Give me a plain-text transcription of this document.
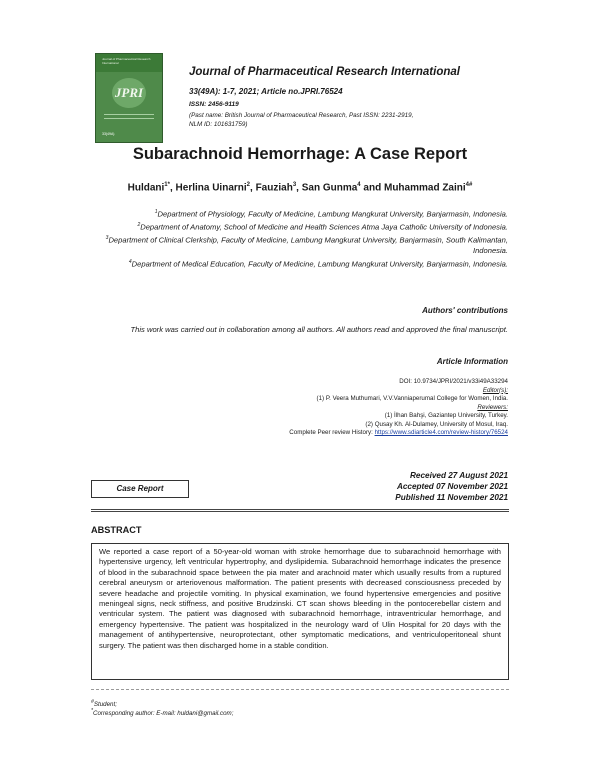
Journal of Pharmaceutical Research International
JPRI
33(49A)
Journal of Pharmaceutical Research International
33(49A): 1-7, 2021; Article no.JPRI.76524
ISSN: 2456-9119
(Past name: British Journal of Pharmaceutical Research, Past ISSN: 2231-2919,
NLM ID: 101631759)
Subarachnoid Hemorrhage: A Case Report
Huldani$^{1*}$, Herlina Uinarni$^2$, Fauziah$^3$, San Gunma$^4$ and Muhammad Zaini$^{4\#}$
$^1$Department of Physiology, Faculty of Medicine, Lambung Mangkurat University, Banjarmasin, Indonesia.
$^2$Department of Anatomy, School of Medicine and Health Sciences Atma Jaya Catholic University of Indonesia.
$^3$Department of Clinical Clerkship, Faculty of Medicine, Lambung Mangkurat University, Banjarmasin, South Kalimantan, Indonesia.
$^4$Department of Medical Education, Faculty of Medicine, Lambung Mangkurat University, Banjarmasin, Indonesia.
Authors' contributions
This work was carried out in collaboration among all authors. All authors read and approved the final manuscript.
Article Information
DOI: 10.9734/JPRI/2021/v33i49A33294
Editor(s):
(1) P. Veera Muthumari, V.V.Vanniaperumal College for Women, India.
Reviewers:
(1) İlhan Bahşi, Gaziantep University, Turkey.
(2) Qusay Kh. Al-Dulamey, University of Mosul, Iraq.
Complete Peer review History: https://www.sdiarticle4.com/review-history/76524
Case Report
Received 27 August 2021
Accepted 07 November 2021
Published 11 November 2021
ABSTRACT
We reported a case report of a 50-year-old woman with stroke hemorrhage due to subarachnoid hemorrhage with hypertensive urgency, left ventricular hypertrophy, and dyslipidemia. Subarachnoid hemorrhage indicates the presence of blood in the subarachnoid space between the pia mater and arachnoid mater which usually results from a ruptured cerebral aneurysm or arteriovenous malformation. The patient presents with decreased consciousness preceded by severe headache and projectile vomiting. In physical examination, we found hypertensive emergencies and positive meningeal signs, neck stiffness, and positive Brudzinski. CT scan shows bleeding in the pontocerebellar cistern and ventricular system. The patient was diagnosed with subarachnoid hemorrhage, intraventricular hemorrhage, and emergency hypertensive. The patient was hospitalized in the neurology ward of Ulin Hospital for 20 days with the management of antihypertensive, neuroprotectant, other symptomatic medications, and ventriculoperitoneal shunt surgery. The patient was then discharged home in a stable condition.
#Student;
*Corresponding author: E-mail: huldani@gmail.com;
